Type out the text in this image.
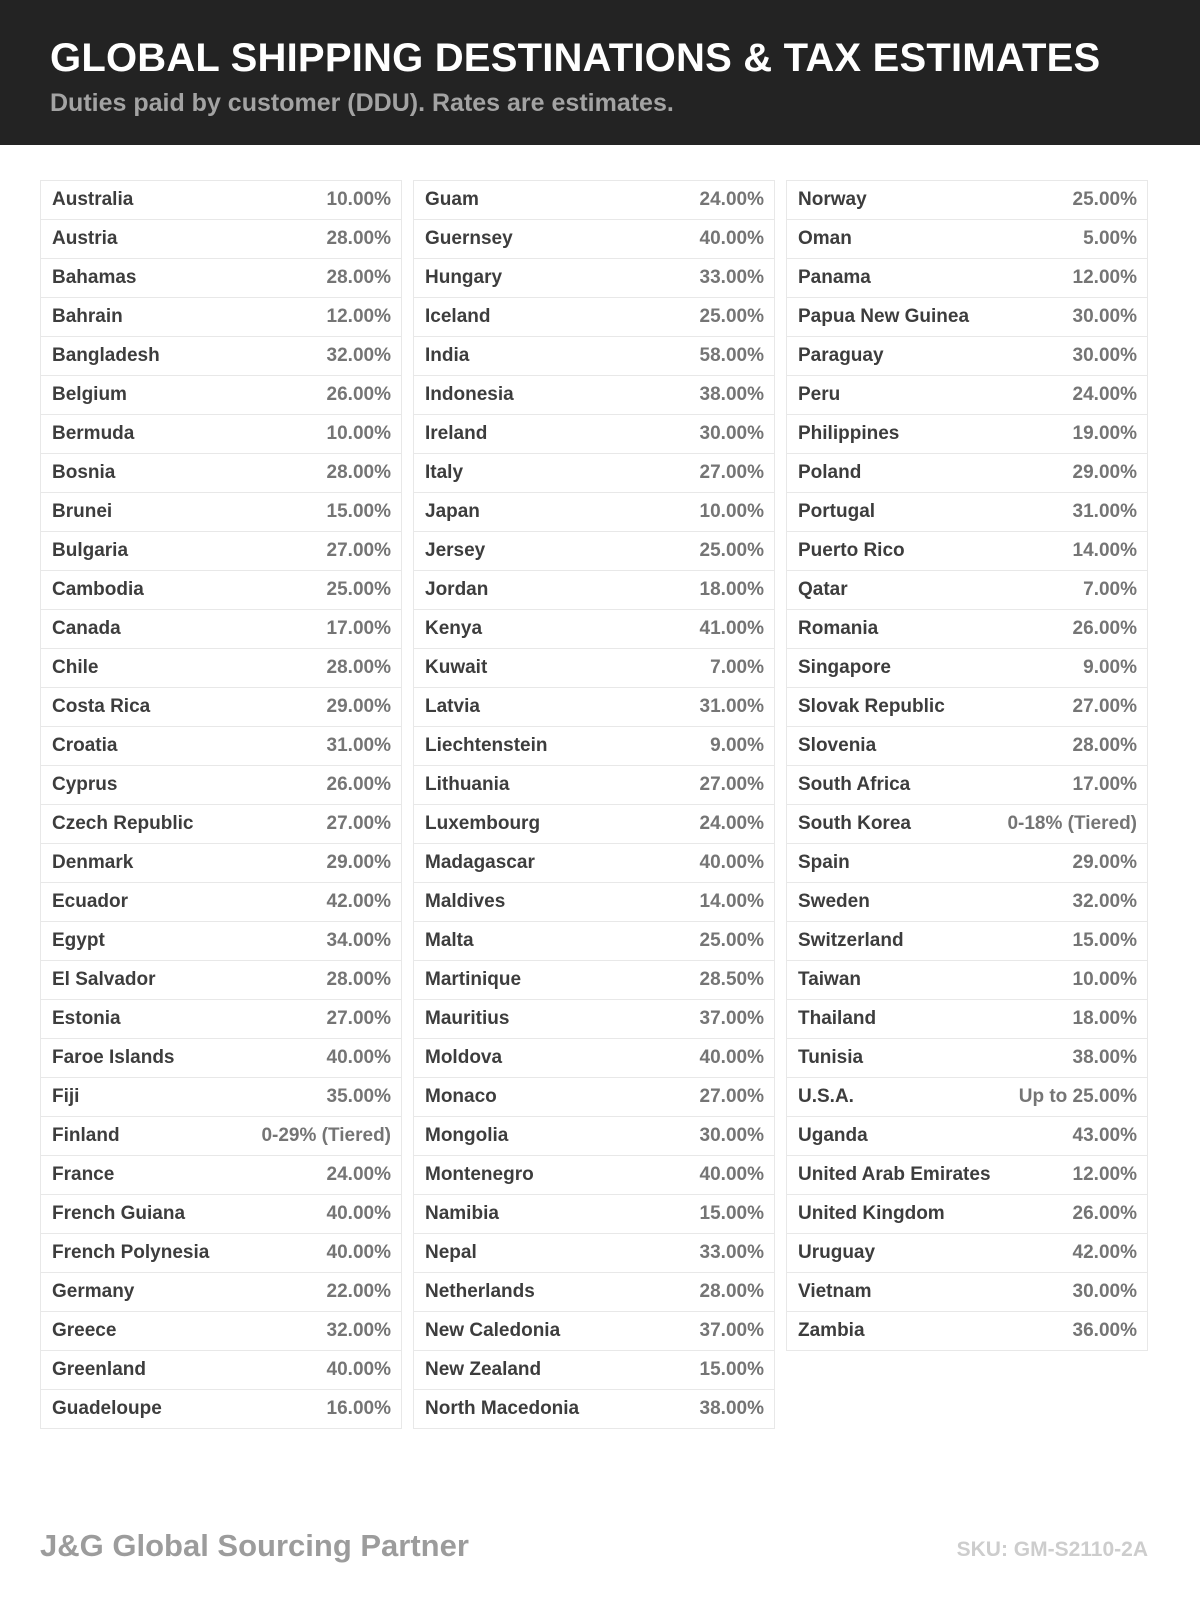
GLOBAL SHIPPING DESTINATIONS & TAX ESTIMATES

Duties paid by customer (DDU). Rates are estimates.

Australia	10.00%
Austria	28.00%
Bahamas	28.00%
Bahrain	12.00%
Bangladesh	32.00%
Belgium	26.00%
Bermuda	10.00%
Bosnia	28.00%
Brunei	15.00%
Bulgaria	27.00%
Cambodia	25.00%
Canada	17.00%
Chile	28.00%
Costa Rica	29.00%
Croatia	31.00%
Cyprus	26.00%
Czech Republic	27.00%
Denmark	29.00%
Ecuador	42.00%
Egypt	34.00%
El Salvador	28.00%
Estonia	27.00%
Faroe Islands	40.00%
Fiji	35.00%
Finland	0-29% (Tiered)
France	24.00%
French Guiana	40.00%
French Polynesia	40.00%
Germany	22.00%
Greece	32.00%
Greenland	40.00%
Guadeloupe	16.00%
Guam	24.00%
Guernsey	40.00%
Hungary	33.00%
Iceland	25.00%
India	58.00%
Indonesia	38.00%
Ireland	30.00%
Italy	27.00%
Japan	10.00%
Jersey	25.00%
Jordan	18.00%
Kenya	41.00%
Kuwait	7.00%
Latvia	31.00%
Liechtenstein	9.00%
Lithuania	27.00%
Luxembourg	24.00%
Madagascar	40.00%
Maldives	14.00%
Malta	25.00%
Martinique	28.50%
Mauritius	37.00%
Moldova	40.00%
Monaco	27.00%
Mongolia	30.00%
Montenegro	40.00%
Namibia	15.00%
Nepal	33.00%
Netherlands	28.00%
New Caledonia	37.00%
New Zealand	15.00%
North Macedonia	38.00%
Norway	25.00%
Oman	5.00%
Panama	12.00%
Papua New Guinea	30.00%
Paraguay	30.00%
Peru	24.00%
Philippines	19.00%
Poland	29.00%
Portugal	31.00%
Puerto Rico	14.00%
Qatar	7.00%
Romania	26.00%
Singapore	9.00%
Slovak Republic	27.00%
Slovenia	28.00%
South Africa	17.00%
South Korea	0-18% (Tiered)
Spain	29.00%
Sweden	32.00%
Switzerland	15.00%
Taiwan	10.00%
Thailand	18.00%
Tunisia	38.00%
U.S.A.	Up to 25.00%
Uganda	43.00%
United Arab Emirates	12.00%
United Kingdom	26.00%
Uruguay	42.00%
Vietnam	30.00%
Zambia	36.00%
J&G Global Sourcing Partner	SKU: GM-S2110-2A
